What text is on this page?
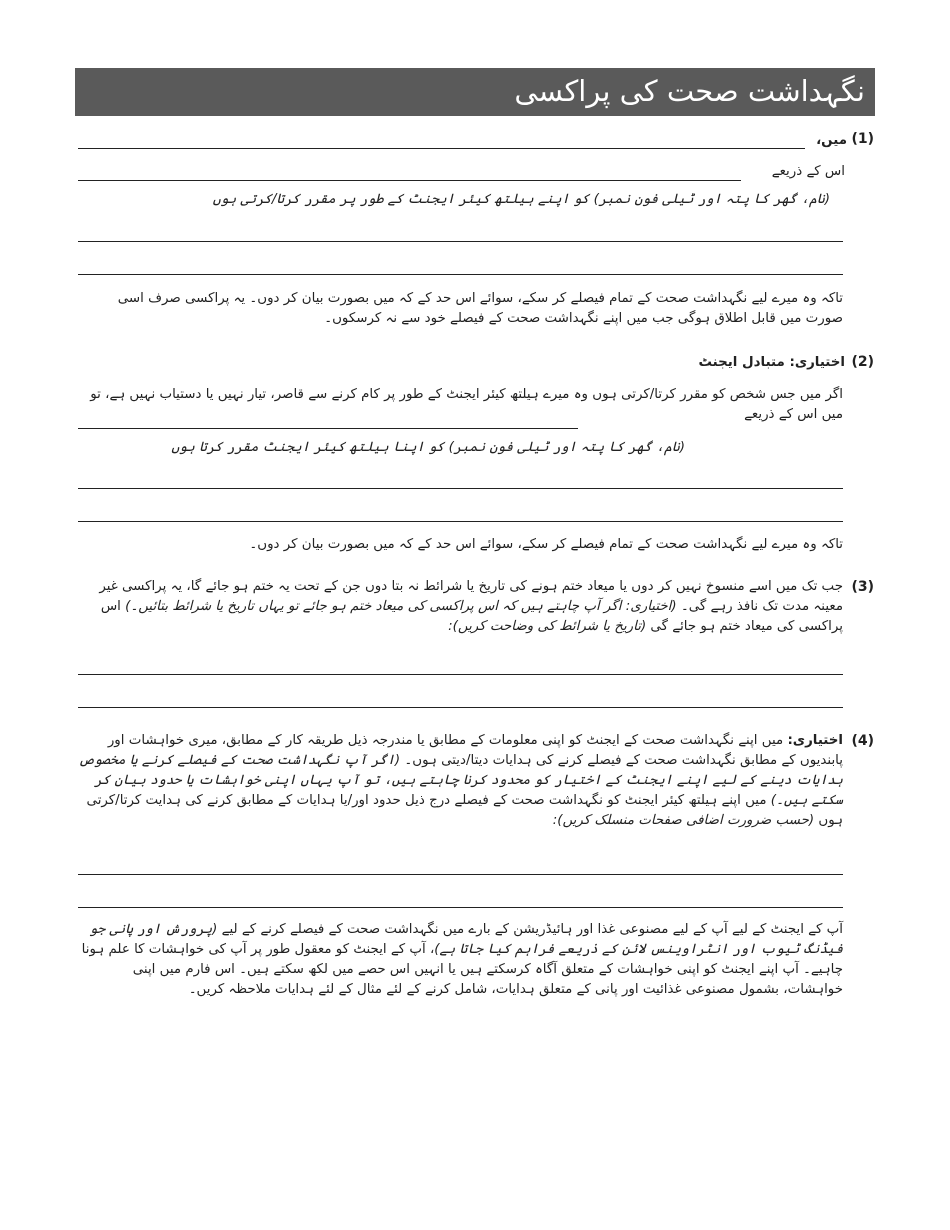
نگہداشت صحت کی پراکسی
(1)
میں،
اس کے ذریعے
(نام، گھر کا پتہ اور ٹیلی فون نمبر) کو اپنے ہیلتھ کیئر ایجنٹ کے طور پر مقرر کرتا/کرتی ہوں
تاکہ وہ میرے لیے نگہداشت صحت کے تمام فیصلے کر سکے، سوائے اس حد کے کہ میں بصورت بیان کر دوں۔ یہ پراکسی صرف اسی صورت میں قابل اطلاق ہوگی جب میں اپنے نگہداشت صحت کے فیصلے خود سے نہ کرسکوں۔
(2)
اختیاری: متبادل ایجنٹ
اگر میں جس شخص کو مقرر کرتا/کرتی ہوں وہ میرے ہیلتھ کیئر ایجنٹ کے طور پر کام کرنے سے قاصر، تیار نہیں یا دستیاب نہیں ہے، تو میں اس کے ذریعے
(نام، گھر کا پتہ اور ٹیلی فون نمبر) کو اپنا ہیلتھ کیئر ایجنٹ مقرر کرتا ہوں
تاکہ وہ میرے لیے نگہداشت صحت کے تمام فیصلے کر سکے، سوائے اس حد کے کہ میں بصورت بیان کر دوں۔
(3)
جب تک میں اسے منسوخ نہیں کر دوں یا میعاد ختم ہونے کی تاریخ یا شرائط نہ بتا دوں جن کے تحت یہ ختم ہو جائے گا، یہ پراکسی غیر معینہ مدت تک نافذ رہے گی۔ (اختیاری: اگر آپ چاہتے ہیں کہ اس پراکسی کی میعاد ختم ہو جائے تو یہاں تاریخ یا شرائط بتائیں۔) اس پراکسی کی میعاد ختم ہو جائے گی (تاریخ یا شرائط کی وضاحت کریں):
(4)
اختیاری: میں اپنے نگہداشت صحت کے ایجنٹ کو اپنی معلومات کے مطابق یا مندرجہ ذیل طریقہ کار کے مطابق، میری خواہشات اور پابندیوں کے مطابق نگہداشت صحت کے فیصلے کرنے کی ہدایات دیتا/دیتی ہوں۔ (اگر آپ نگہداشت صحت کے فیصلے کرنے یا مخصوص ہدایات دینے کے لیے اپنے ایجنٹ کے اختیار کو محدود کرنا چاہتے ہیں، تو آپ یہاں اپنی خواہشات یا حدود بیان کر سکتے ہیں۔) میں اپنے ہیلتھ کیئر ایجنٹ کو نگہداشت صحت کے فیصلے درج ذیل حدود اور/یا ہدایات کے مطابق کرنے کی ہدایت کرتا/کرتی ہوں (حسب ضرورت اضافی صفحات منسلک کریں):
آپ کے ایجنٹ کے لیے آپ کے لیے مصنوعی غذا اور ہائیڈریشن کے بارے میں نگہداشت صحت کے فیصلے کرنے کے لیے (پرورش اور پانی جو فیڈنگ ٹیوب اور انٹراوینس لائن کے ذریعے فراہم کیا جاتا ہے)، آپ کے ایجنٹ کو معقول طور پر آپ کی خواہشات کا علم ہونا چاہیے۔ آپ اپنے ایجنٹ کو اپنی خواہشات کے متعلق آگاہ کرسکتے ہیں یا انہیں اس حصے میں لکھ سکتے ہیں۔ اس فارم میں اپنی خواہشات، بشمول مصنوعی غذائیت اور پانی کے متعلق ہدایات، شامل کرنے کے لئے مثال کے لئے ہدایات ملاحظہ کریں۔
